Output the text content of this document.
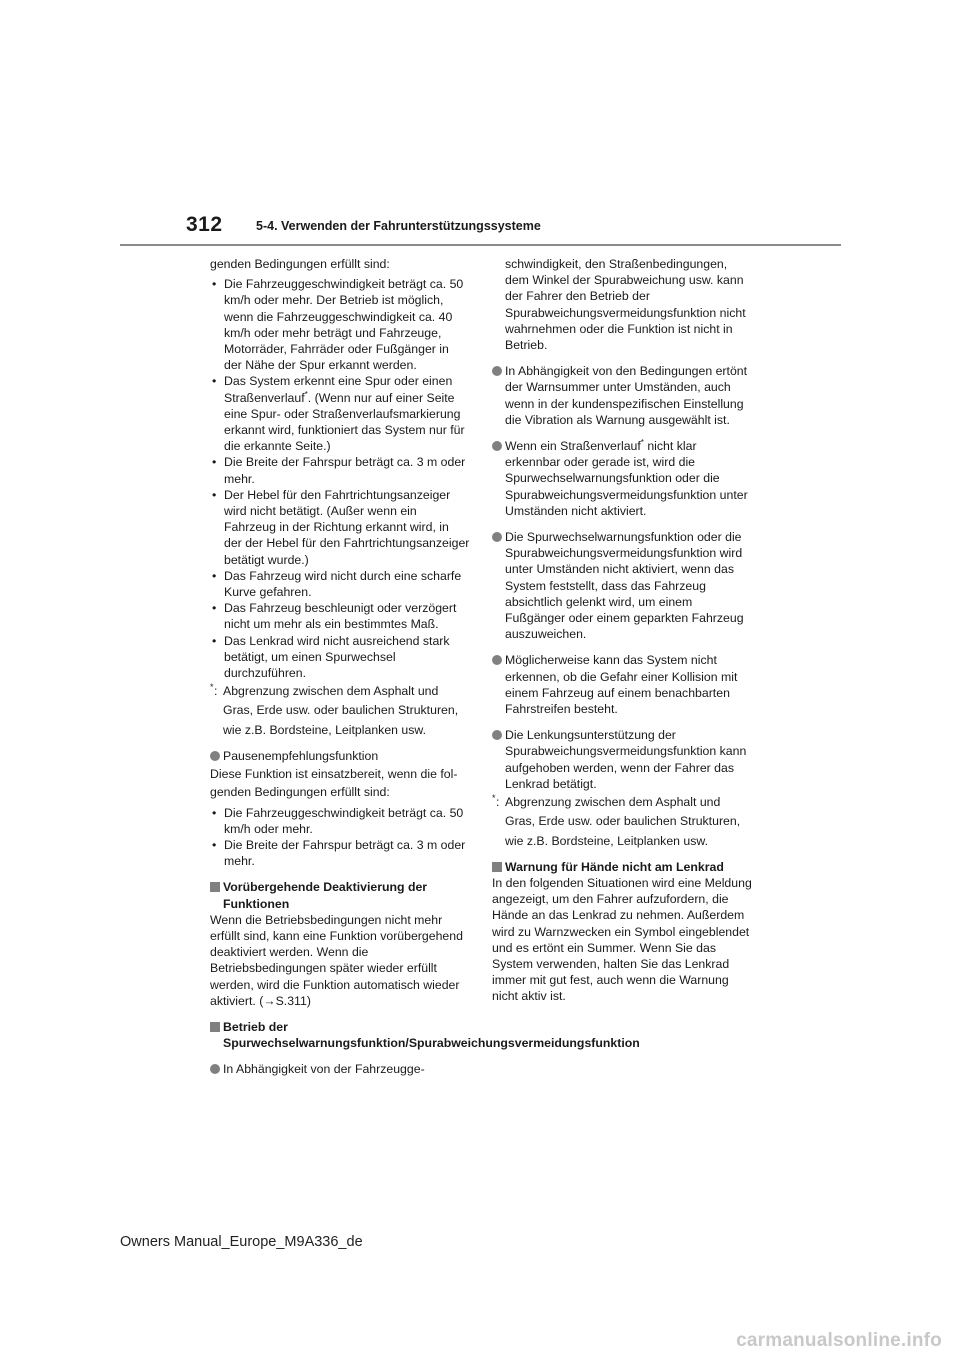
312	5-4. Verwenden der Fahrunterstützungssysteme

genden Bedingungen erfüllt sind:

• Die Fahrzeuggeschwindigkeit beträgt ca. 50 km/h oder mehr. Der Betrieb ist möglich, wenn die Fahrzeuggeschwindigkeit ca. 40 km/h oder mehr beträgt und Fahrzeuge, Motorräder, Fahrräder oder Fußgänger in der Nähe der Spur erkannt werden.
• Das System erkennt eine Spur oder einen Straßenverlauf*. (Wenn nur auf einer Seite eine Spur- oder Straßenverlaufsmarkierung erkannt wird, funktioniert das System nur für die erkannte Seite.)
• Die Breite der Fahrspur beträgt ca. 3 m oder mehr.
• Der Hebel für den Fahrtrichtungsanzeiger wird nicht betätigt. (Außer wenn ein Fahrzeug in der Richtung erkannt wird, in der der Hebel für den Fahrtrichtungsanzeiger betätigt wurde.)
• Das Fahrzeug wird nicht durch eine scharfe Kurve gefahren.
• Das Fahrzeug beschleunigt oder verzögert nicht um mehr als ein bestimmtes Maß.
• Das Lenkrad wird nicht ausreichend stark betätigt, um einen Spurwechsel durchzuführen.
* : Abgrenzung zwischen dem Asphalt und
Gras, Erde usw. oder baulichen Strukturen,
wie z.B. Bordsteine, Leitplanken usw.
Pausenempfehlungsfunktion

Diese Funktion ist einsatzbereit, wenn die fol-

genden Bedingungen erfüllt sind:

• Die Fahrzeuggeschwindigkeit beträgt ca. 50 km/h oder mehr.
• Die Breite der Fahrspur beträgt ca. 3 m oder mehr.
Vorübergehende Deaktivierung der Funktionen

Wenn die Betriebsbedingungen nicht mehr erfüllt sind, kann eine Funktion vorübergehend deaktiviert werden. Wenn die Betriebsbedingungen später wieder erfüllt werden, wird die Funktion automatisch wieder aktiviert. (→S.311)

Betrieb der Spurwechselwarnungsfunktion/Spurabweichungsvermeidungsfunktion
In Abhängigkeit von der Fahrzeugge-
schwindigkeit, den Straßenbedingungen, dem Winkel der Spurabweichung usw. kann der Fahrer den Betrieb der Spurabweichungsvermeidungsfunktion nicht wahrnehmen oder die Funktion ist nicht in Betrieb.
In Abhängigkeit von den Bedingungen ertönt der Warnsummer unter Umständen, auch wenn in der kundenspezifischen Einstellung die Vibration als Warnung ausgewählt ist.
Wenn ein Straßenverlauf* nicht klar erkennbar oder gerade ist, wird die Spurwechselwarnungsfunktion oder die Spurabweichungsvermeidungsfunktion unter Umständen nicht aktiviert.
Die Spurwechselwarnungsfunktion oder die Spurabweichungsvermeidungsfunktion wird unter Umständen nicht aktiviert, wenn das System feststellt, dass das Fahrzeug absichtlich gelenkt wird, um einem Fußgänger oder einem geparkten Fahrzeug auszuweichen.
Möglicherweise kann das System nicht erkennen, ob die Gefahr einer Kollision mit einem Fahrzeug auf einem benachbarten Fahrstreifen besteht.
Die Lenkungsunterstützung der Spurabweichungsvermeidungsfunktion kann aufgehoben werden, wenn der Fahrer das Lenkrad betätigt.
* : Abgrenzung zwischen dem Asphalt und
Gras, Erde usw. oder baulichen Strukturen,
wie z.B. Bordsteine, Leitplanken usw.
Warnung für Hände nicht am Lenkrad

In den folgenden Situationen wird eine Meldung angezeigt, um den Fahrer aufzufordern, die Hände an das Lenkrad zu nehmen. Außerdem wird zu Warnzwecken ein Symbol eingeblendet und es ertönt ein Summer. Wenn Sie das System verwenden, halten Sie das Lenkrad immer mit gut fest, auch wenn die Warnung nicht aktiv ist.

Owners Manual_Europe_M9A336_de
carmanualsonline.info
